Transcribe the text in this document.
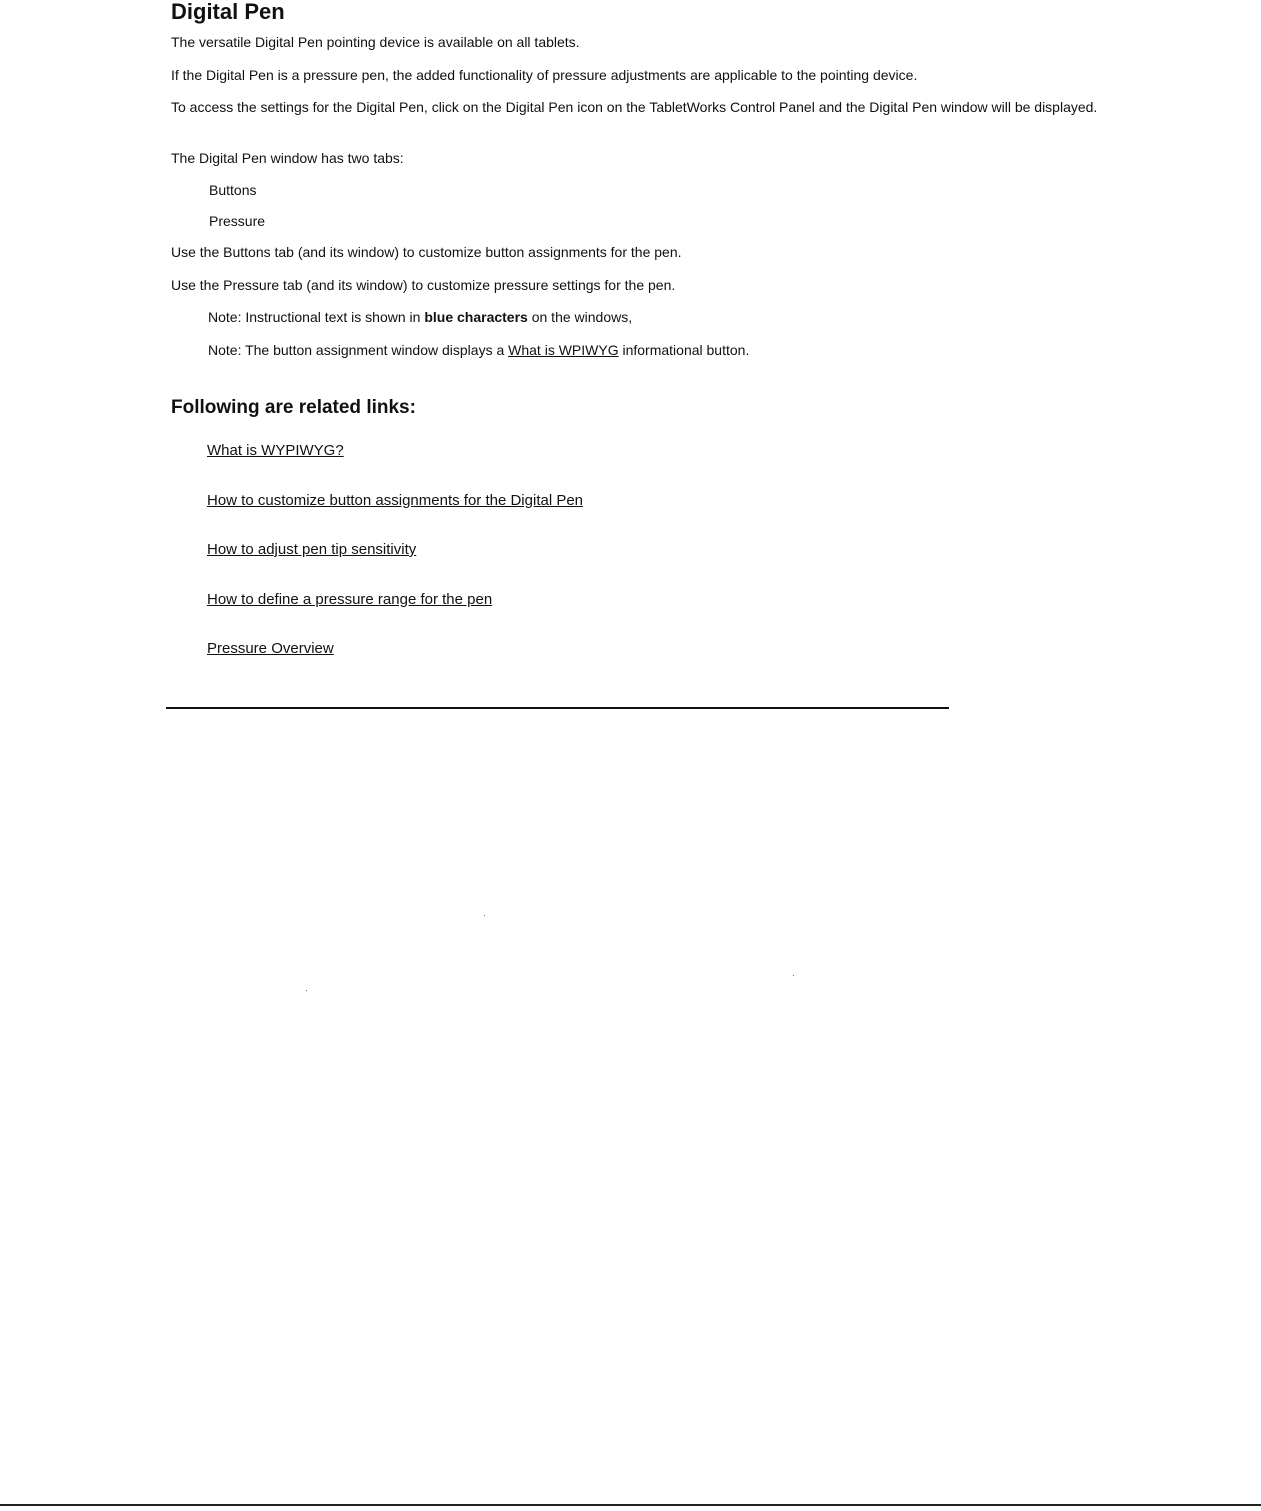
Digital Pen

The versatile Digital Pen pointing device is available on all tablets.

If the Digital Pen is a pressure pen, the added functionality of pressure adjustments are applicable to the pointing device.

To access the settings for the Digital Pen, click on the Digital Pen icon on the TabletWorks Control Panel and the Digital Pen window will be displayed.

The Digital Pen window has two tabs:

Buttons

Pressure

Use the Buttons tab (and its window) to customize button assignments for the pen.

Use the Pressure tab (and its window) to customize pressure settings for the pen.

Note: Instructional text is shown in blue characters on the windows,

Note: The button assignment window displays a What is WPIWYG informational button.

Following are related links:
What is WYPIWYG?
How to customize button assignments for the Digital Pen
How to adjust pen tip sensitivity
How to define a pressure range for the pen
Pressure Overview
